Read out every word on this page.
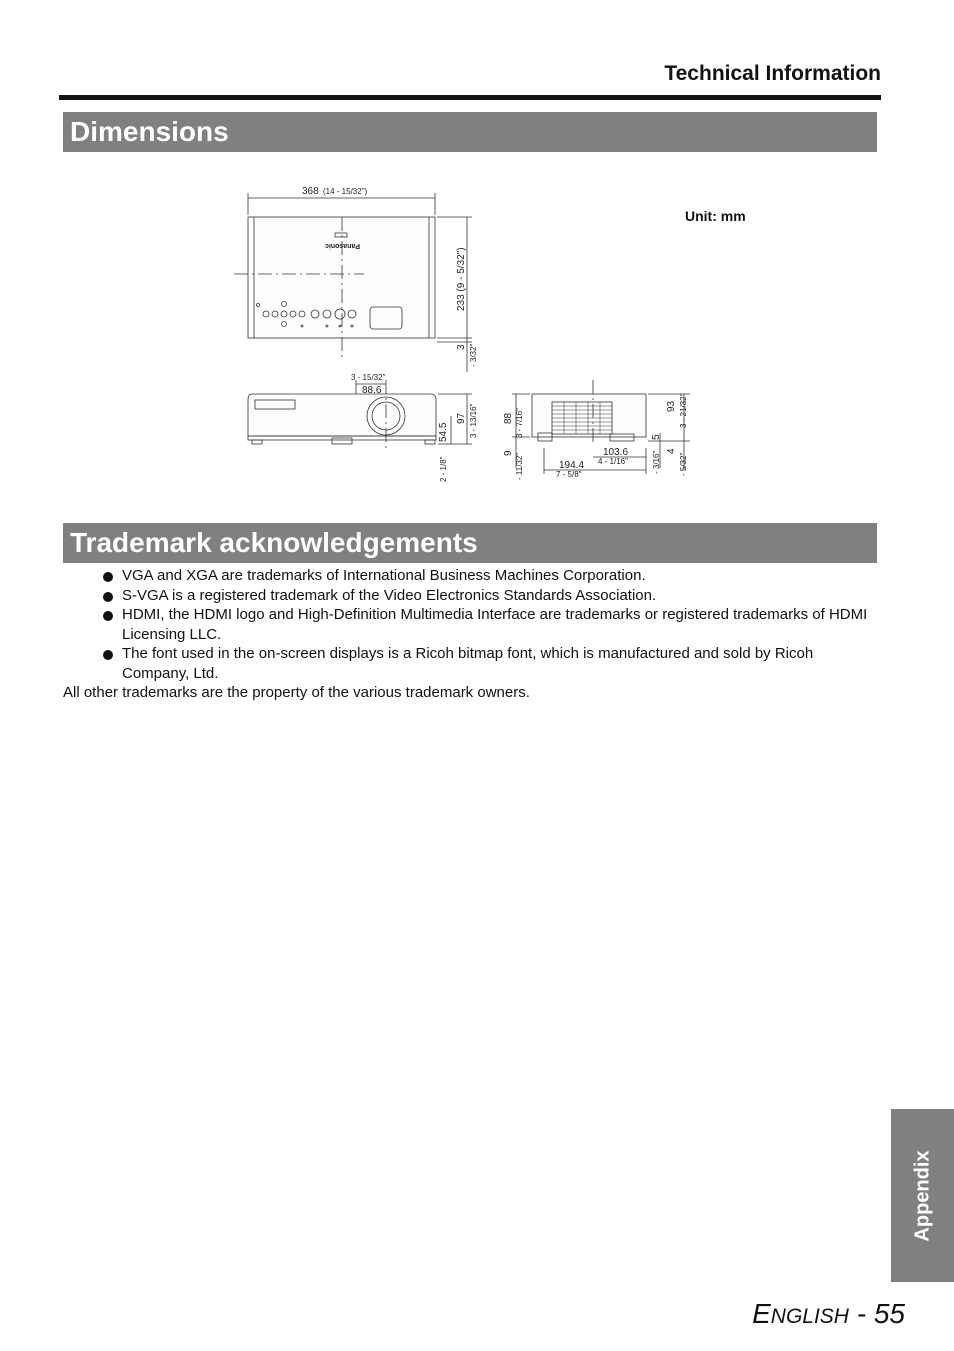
Technical Information
Dimensions
Unit: mm
368 (14 - 15/32")
233 (9 - 5/32")
3 - 3/32"
Panasonic
3 - 15/32"
88.6
97 3 - 13/16"
54.5
2 - 1/8"
88 3 - 7/16"
9 - 11/32"
93 3 - 21/32"
5
- 3/16" 4
- 5/32"
103.6
4 - 1/16"
194.4
7 - 5/8"
Trademark acknowledgements
VGA and XGA are trademarks of International Business Machines Corporation.
S-VGA is a registered trademark of the Video Electronics Standards Association.
HDMI, the HDMI logo and High-Definition Multimedia Interface are trademarks or registered trademarks of HDMI Licensing LLC.
The font used in the on-screen displays is a Ricoh bitmap font, which is manufactured and sold by Ricoh Company, Ltd.
All other trademarks are the property of the various trademark owners.
Appendix
ENGLISH - 55
